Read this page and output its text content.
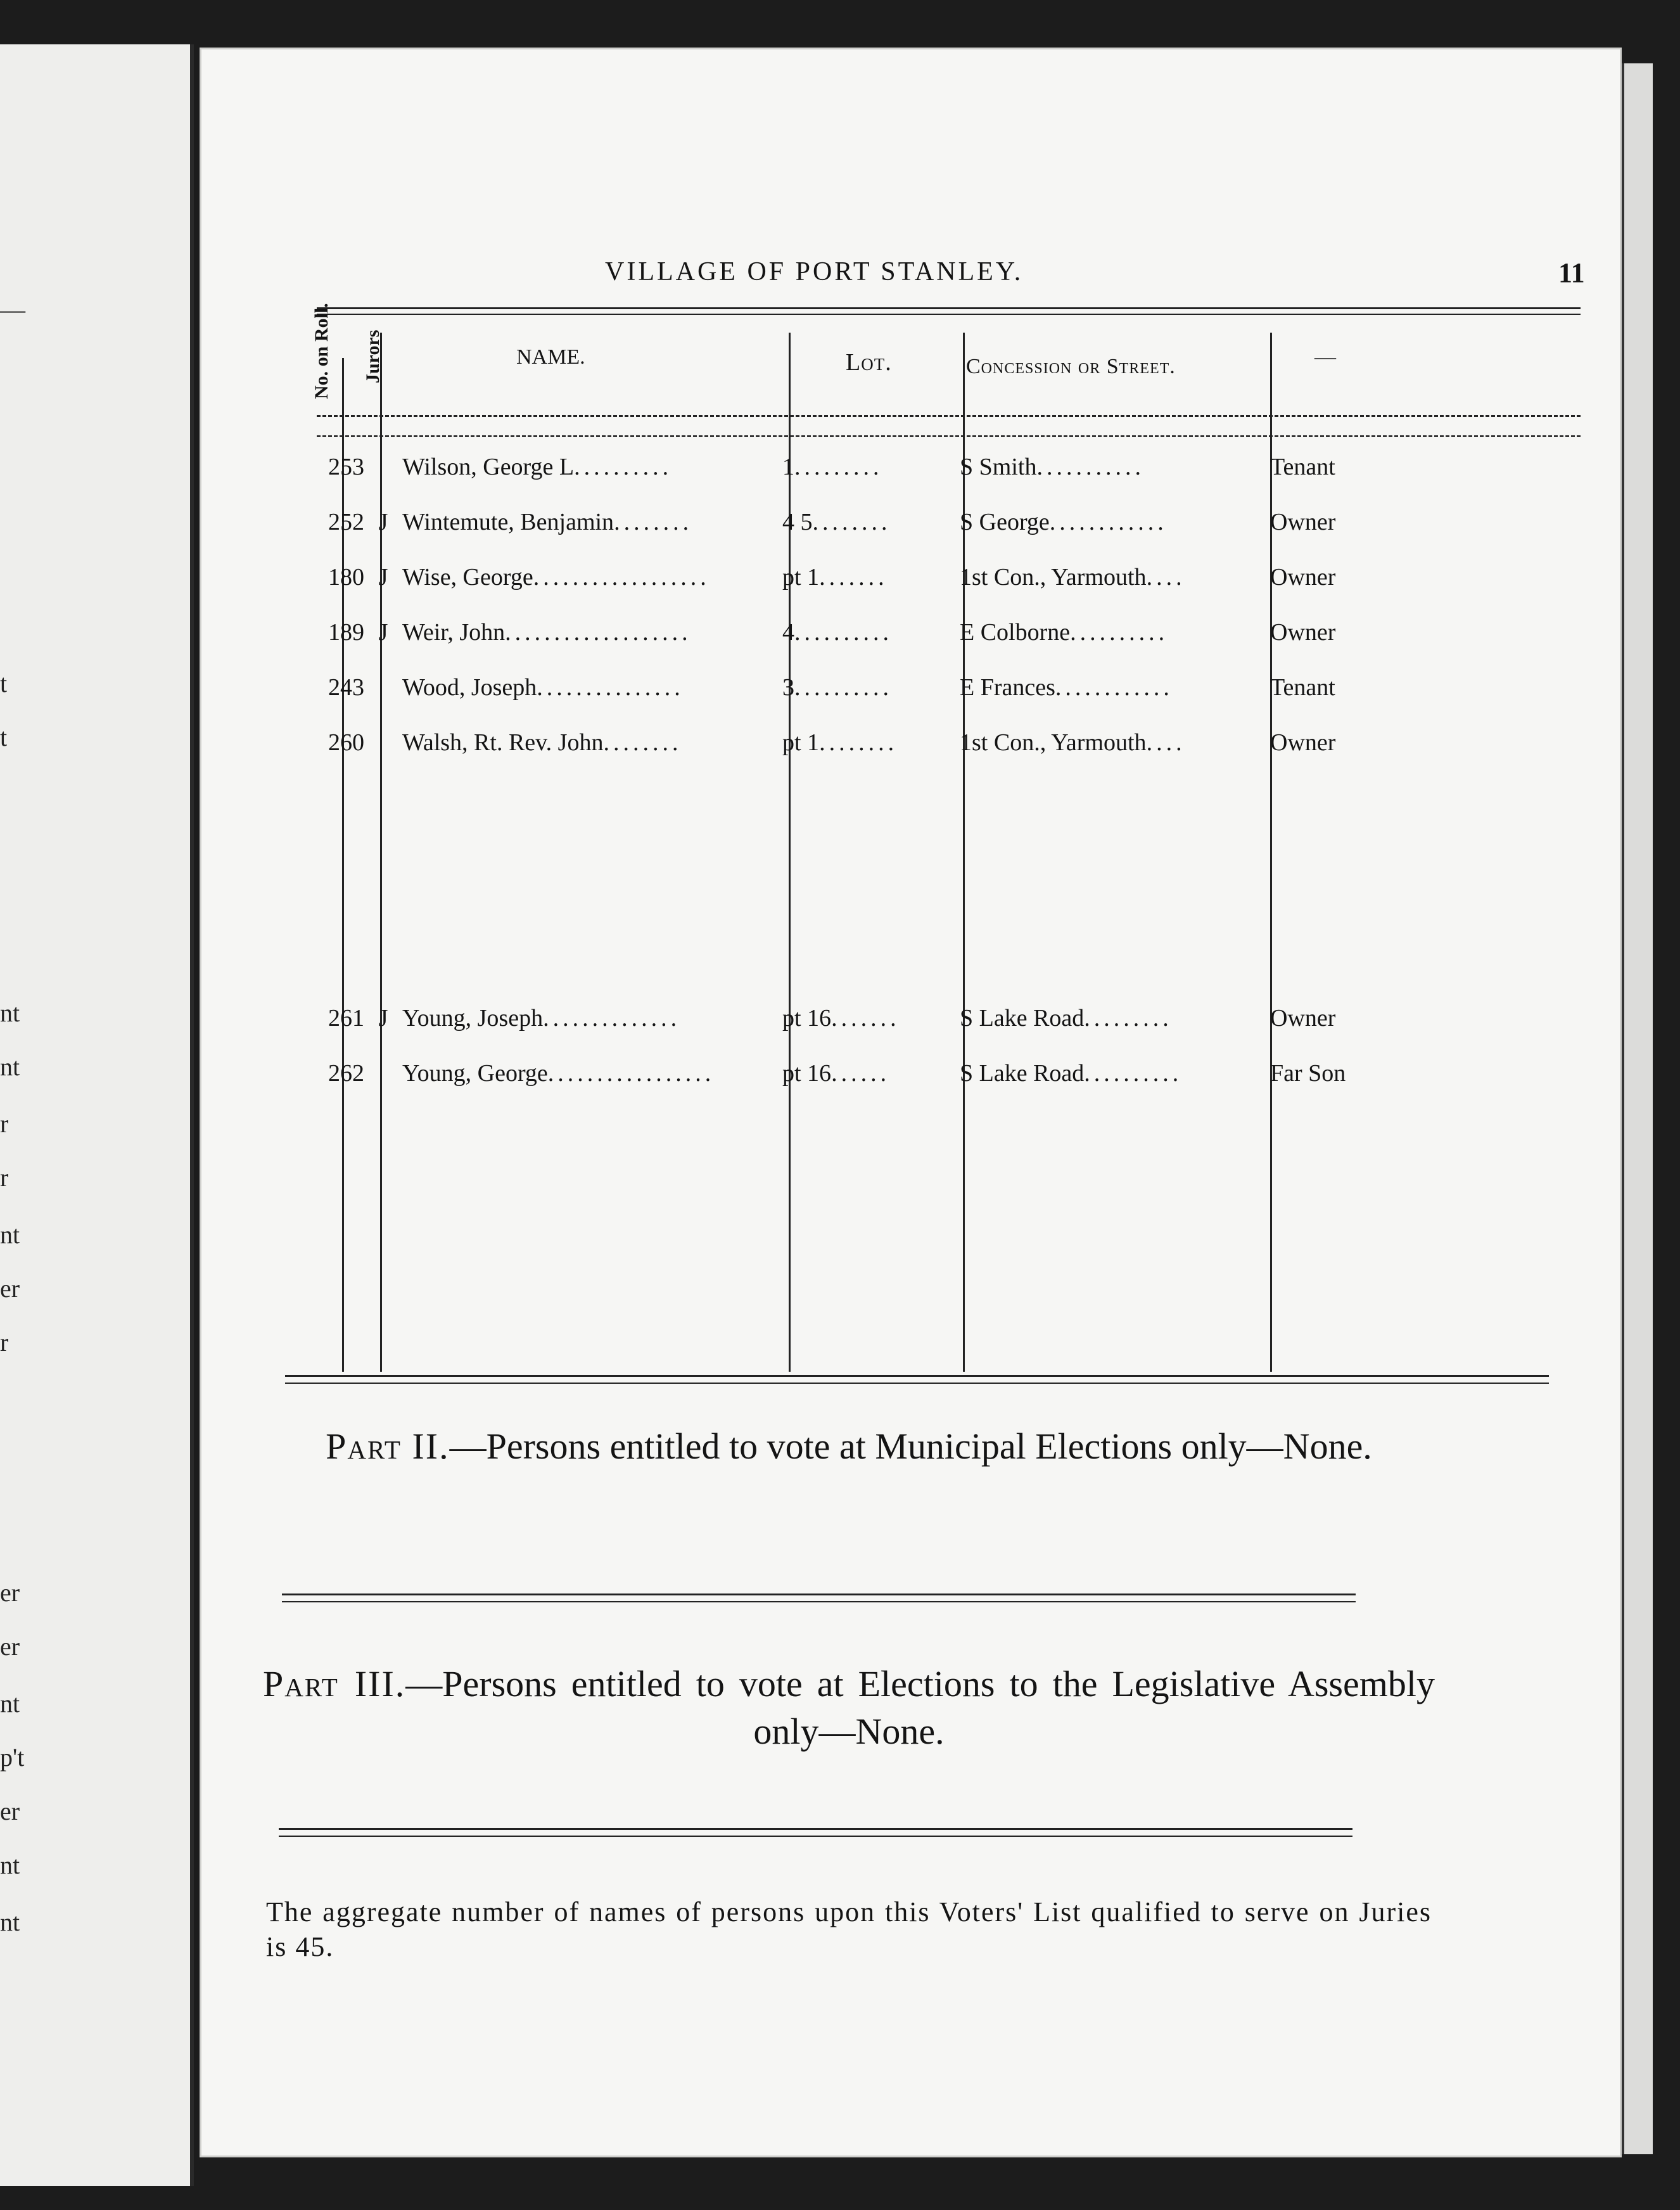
—
t
t
nt
nt
r
r
nt
er
r
er
er
nt
p't
er
nt
nt
VILLAGE OF PORT STANLEY.	11
No. on Roll. Jurors	NAME.	Lot.	Concession or Street.	—
253 Wilson, George L..........	1.........	S Smith...........	Tenant
252 J Wintemute, Benjamin........	4 5........	S George............	Owner
180 J Wise, George..................	pt 1.......	1st Con., Yarmouth....	Owner
189 J Weir, John...................	4..........	E Colborne..........	Owner
243 Wood, Joseph...............	3..........	E Frances............	Tenant
260 Walsh, Rt. Rev. John........	pt 1........	1st Con., Yarmouth....	Owner
261 J Young, Joseph..............	pt 16.......	S Lake Road.........	Owner
262 Young, George.................	pt 16......	S Lake Road..........	Far Son
Part II.—Persons entitled to vote at Municipal Elections only—None.
Part III.—Persons entitled to vote at Elections to the Legislative Assembly only—None.
The aggregate number of names of persons upon this Voters' List qualified to serve on Juries is 45.
